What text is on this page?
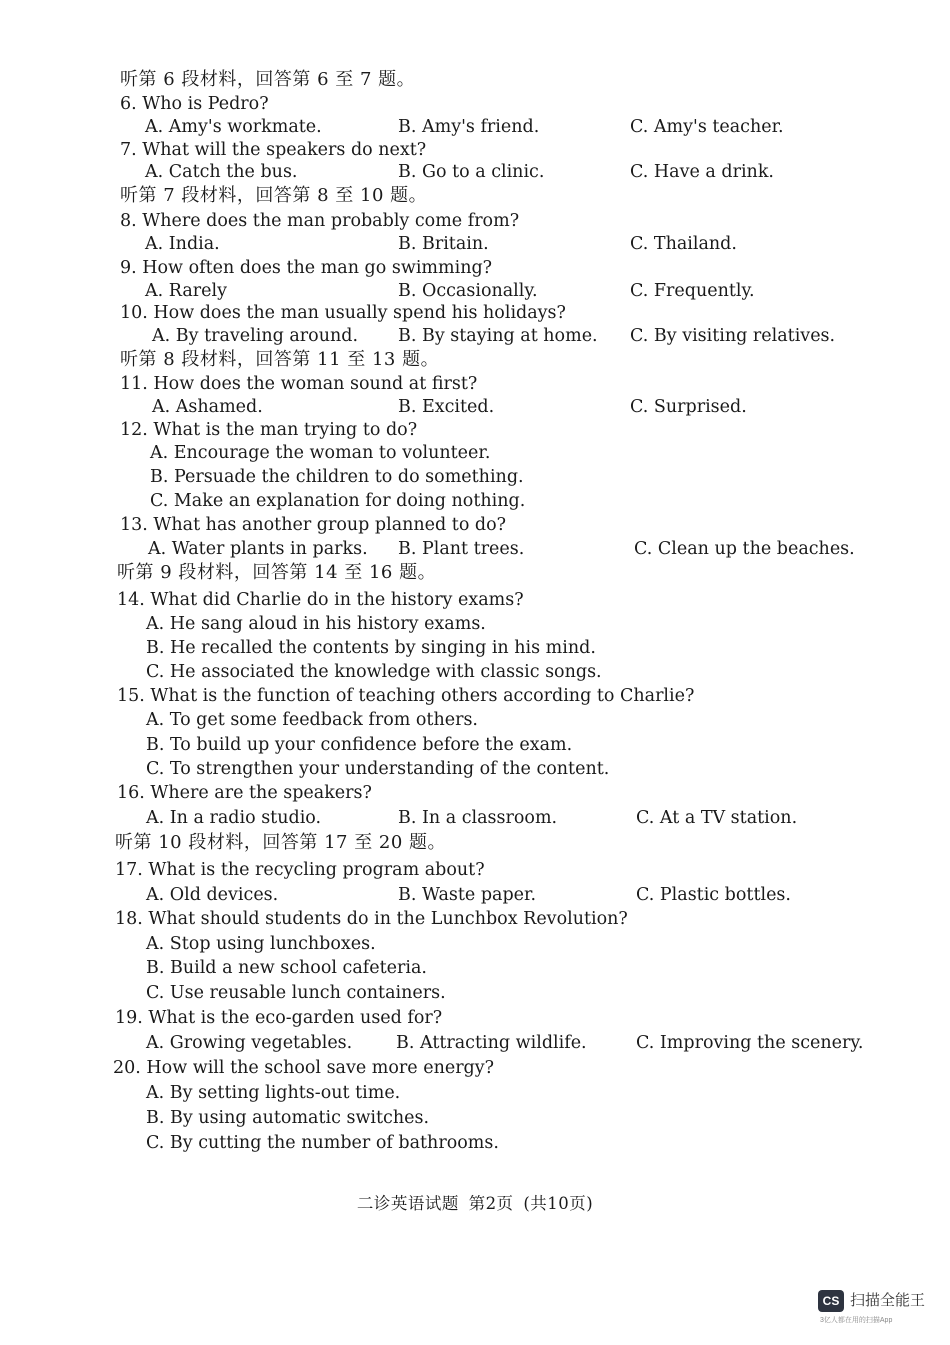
听第 6 段材料，回答第 6 至 7 题。
6. Who is Pedro?
A. Amy's workmate.	B. Amy's friend.	C. Amy's teacher.
7. What will the speakers do next?
A. Catch the bus.	B. Go to a clinic.	C. Have a drink.
听第 7 段材料，回答第 8 至 10 题。
8. Where does the man probably come from?
A. India.	B. Britain.	C. Thailand.
9. How often does the man go swimming?
A. Rarely	B. Occasionally.	C. Frequently.
10. How does the man usually spend his holidays?
A. By traveling around. B. By staying at home. C. By visiting relatives.
听第 8 段材料，回答第 11 至 13 题。
11. How does the woman sound at first?
A. Ashamed.	B. Excited.	C. Surprised.
12. What is the man trying to do?
A. Encourage the woman to volunteer.
B. Persuade the children to do something.
C. Make an explanation for doing nothing.
13. What has another group planned to do?
A. Water plants in parks. B. Plant trees.	C. Clean up the beaches.
听第 9 段材料，回答第 14 至 16 题。
14. What did Charlie do in the history exams?
A. He sang aloud in his history exams.
B. He recalled the contents by singing in his mind.
C. He associated the knowledge with classic songs.
15. What is the function of teaching others according to Charlie?
A. To get some feedback from others.
B. To build up your confidence before the exam.
C. To strengthen your understanding of the content.
16. Where are the speakers?
A. In a radio studio.	B. In a classroom.	C. At a TV station.
听第 10 段材料，回答第 17 至 20 题。
17. What is the recycling program about?
A. Old devices.	B. Waste paper.	C. Plastic bottles.
18. What should students do in the Lunchbox Revolution?
A. Stop using lunchboxes.
B. Build a new school cafeteria.
C. Use reusable lunch containers.
19. What is the eco-garden used for?
A. Growing vegetables.	B. Attracting wildlife.	C. Improving the scenery.
20. How will the school save more energy?
A. By setting lights-out time.
B. By using automatic switches.
C. By cutting the number of bathrooms.
二诊英语试题 第2页 (共10页)
CS 扫描全能王
3亿人都在用的扫描App
